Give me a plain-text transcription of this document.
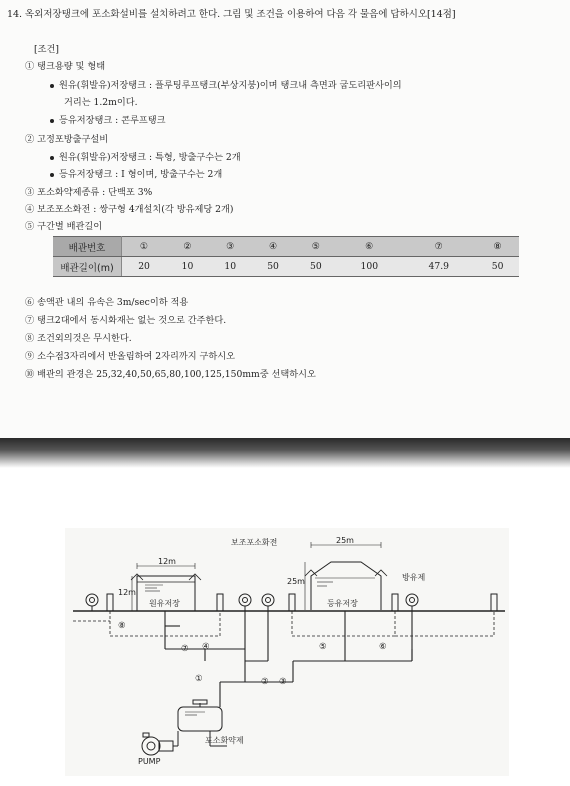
14. 옥외저장탱크에 포소화설비를 설치하려고 한다. 그림 및 조건을 이용하여 다음 각 물음에 답하시오[14점]
[조건]
① 탱크용량 및 형태
원유(휘발유)저장탱크 : 플루팅루프탱크(부상지붕)이며 탱크내 측면과 굽도리판사이의
거리는 1.2m이다.
등유저장탱크 : 콘루프탱크
② 고정포방출구설비
원유(휘발유)저장탱크 : 특형, 방출구수는 2개
등유저장탱크 : Ⅰ 형이며, 방출구수는 2개
③ 포소화약제종류 : 단백포 3%
④ 보조포소화전 : 쌍구형 4개설치(각 방유제당 2개)
⑤ 구간별 배관길이
배관번호	①	②	③	④	⑤	⑥	⑦	⑧
배관길이(m)	20	10	10	50	50	100	47.9	50
⑥ 송액관 내의 유속은 3m/sec이하 적용
⑦ 탱크2대에서 동시화재는 없는 것으로 간주한다.
⑧ 조건외의것은 무시한다.
⑨ 소수점3자리에서 반올림하여 2자리까지 구하시오
⑩ 배관의 관경은 25,32,40,50,65,80,100,125,150mm중 선택하시오
보조포소화전
방유제
원유저장	등유저장
포소화약제
PUMP
12m
12m
25m
25m
①	② ③
④	⑤	⑥
⑦
⑧
